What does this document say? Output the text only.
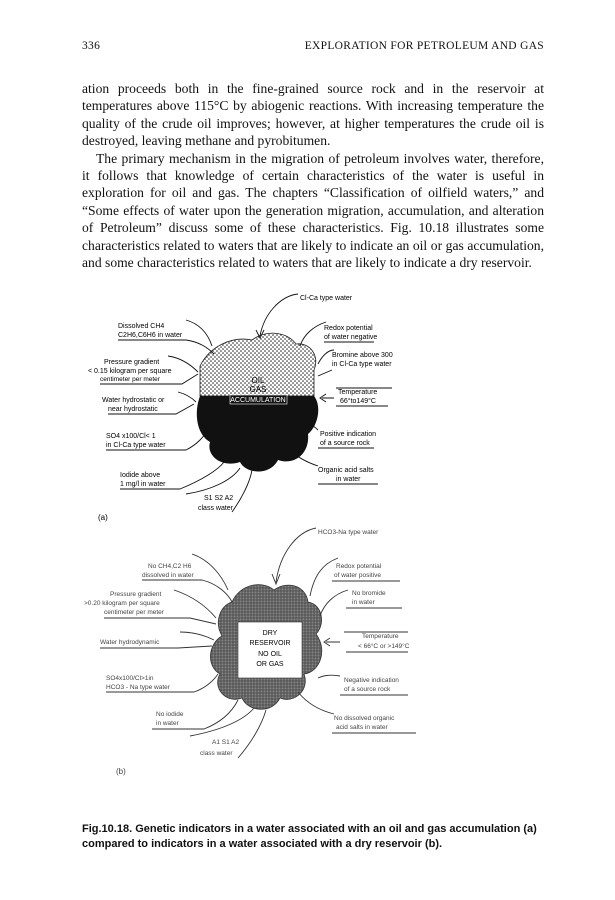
336	EXPLORATION FOR PETROLEUM AND GAS

ation proceeds both in the fine-grained source rock and in the reservoir at temperatures above 115°C by abiogenic reactions. With increasing temperature the quality of the crude oil improves; however, at higher temperatures the crude oil is destroyed, leaving methane and pyrobitumen.

The primary mechanism in the migration of petroleum involves water, therefore, it follows that knowledge of certain characteristics of the water is useful in exploration for oil and gas. The chapters “Classification of oilfield waters,” and “Some effects of water upon the generation migration, accumulation, and alteration of Petroleum” discuss some of these characteristics. Fig. 10.18 illustrates some characteristics related to waters that are likely to indicate an oil or gas accumulation, and some characteristics related to waters that are likely to indicate a dry reservoir.

OIL
GAS
ACCUMULATION
Cl-Ca type water
Dissolved CH4
C2H6,C6H6 in water
Pressure gradient
< 0.15 kilogram per square
centimeter per meter
Water hydrostatic or
near hydrostatic
SO4 x100/Cl< 1
in Cl-Ca type water
Iodide above
1 mg/l in water
S1 S2 A2
class water
(a)
Redox potential
of water negative
Bromine above 300
in Cl-Ca type water
Temperature
66°to149°C
Positive indication
of a source rock
Organic acid salts
in water
DRY
RESERVOIR
NO OIL
OR GAS
HCO3-Na type water
No CH4,C2 H6
dissolved in water
Pressure gradient
>0.20 kilogram per square
centimeter per meter
Water hydrodynamic
SO4x100/Cl>1in
HCO3 - Na type water
No iodide
in water
A1 S1 A2
class water
(b)
Redox potential
of water positive
No bromide
in water
Temperature
< 66°C or >149°C
Negative indication
of a source rock
No dissolved organic
acid salts in water
Fig.10.18. Genetic indicators in a water associated with an oil and gas accumulation (a) compared to indicators in a water associated with a dry reservoir (b).
